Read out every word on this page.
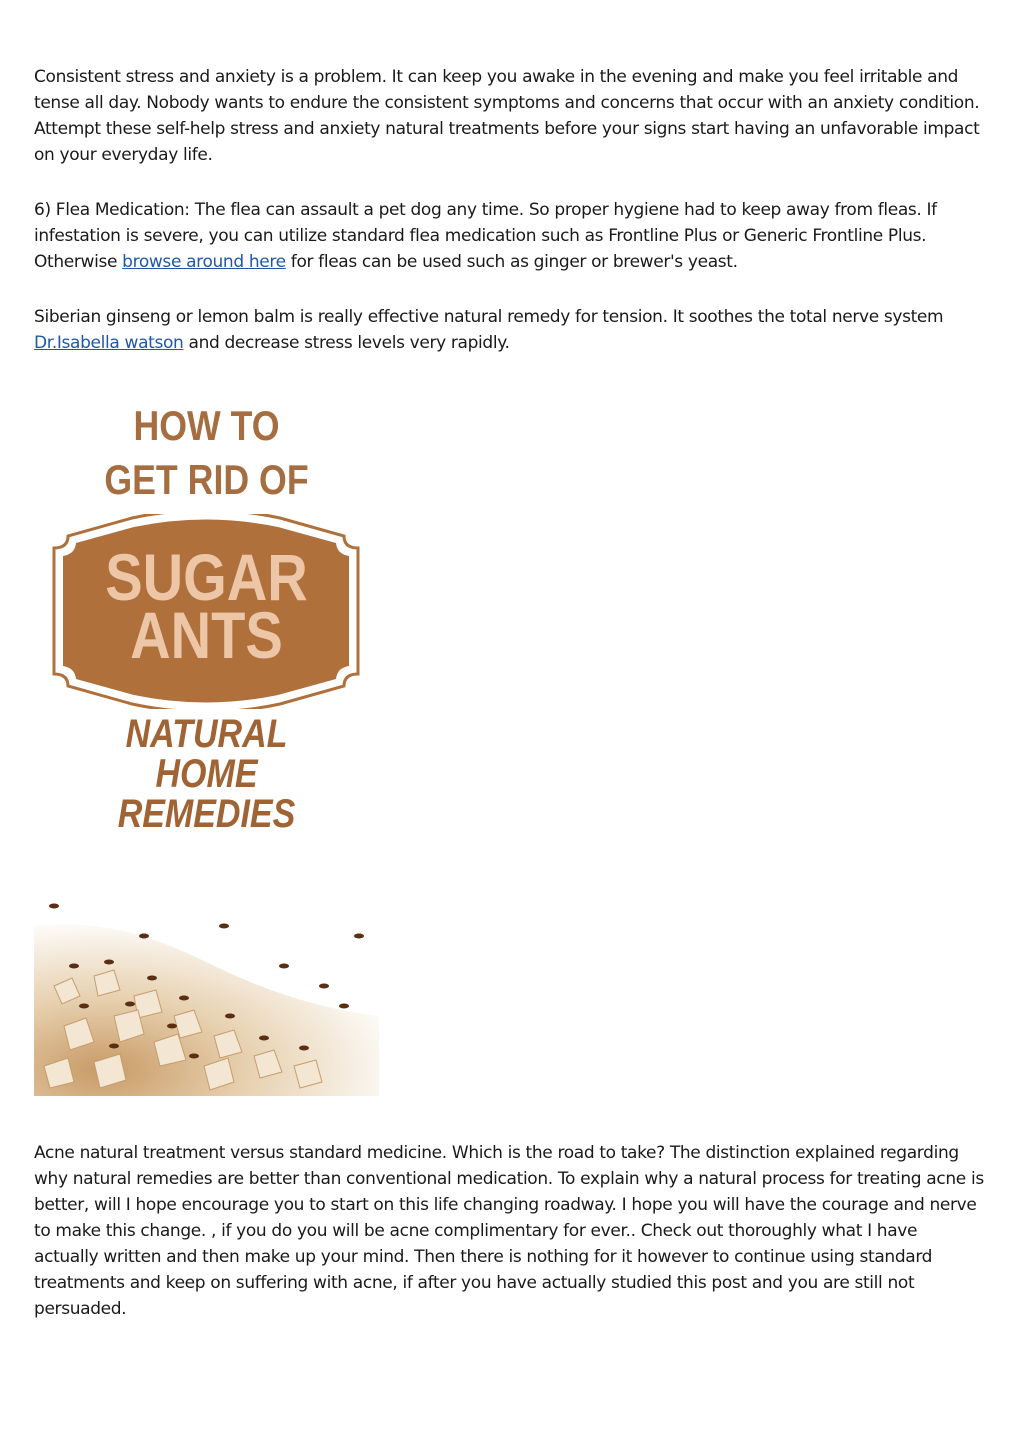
Consistent stress and anxiety is a problem. It can keep you awake in the evening and make you feel irritable and tense all day. Nobody wants to endure the consistent symptoms and concerns that occur with an anxiety condition. Attempt these self-help stress and anxiety natural treatments before your signs start having an unfavorable impact on your everyday life.

6) Flea Medication: The flea can assault a pet dog any time. So proper hygiene had to keep away from fleas. If infestation is severe, you can utilize standard flea medication such as Frontline Plus or Generic Frontline Plus. Otherwise browse around here for fleas can be used such as ginger or brewer's yeast.

Siberian ginseng or lemon balm is really effective natural remedy for tension. It soothes the total nerve system Dr.Isabella watson and decrease stress levels very rapidly.

HOW TO
GET RID OF
SUGAR
ANTS
NATURAL
HOME
REMEDIES

Acne natural treatment versus standard medicine. Which is the road to take? The distinction explained regarding why natural remedies are better than conventional medication. To explain why a natural process for treating acne is better, will I hope encourage you to start on this life changing roadway. I hope you will have the courage and nerve to make this change. , if you do you will be acne complimentary for ever.. Check out thoroughly what I have actually written and then make up your mind. Then there is nothing for it however to continue using standard treatments and keep on suffering with acne, if after you have actually studied this post and you are still not persuaded.
